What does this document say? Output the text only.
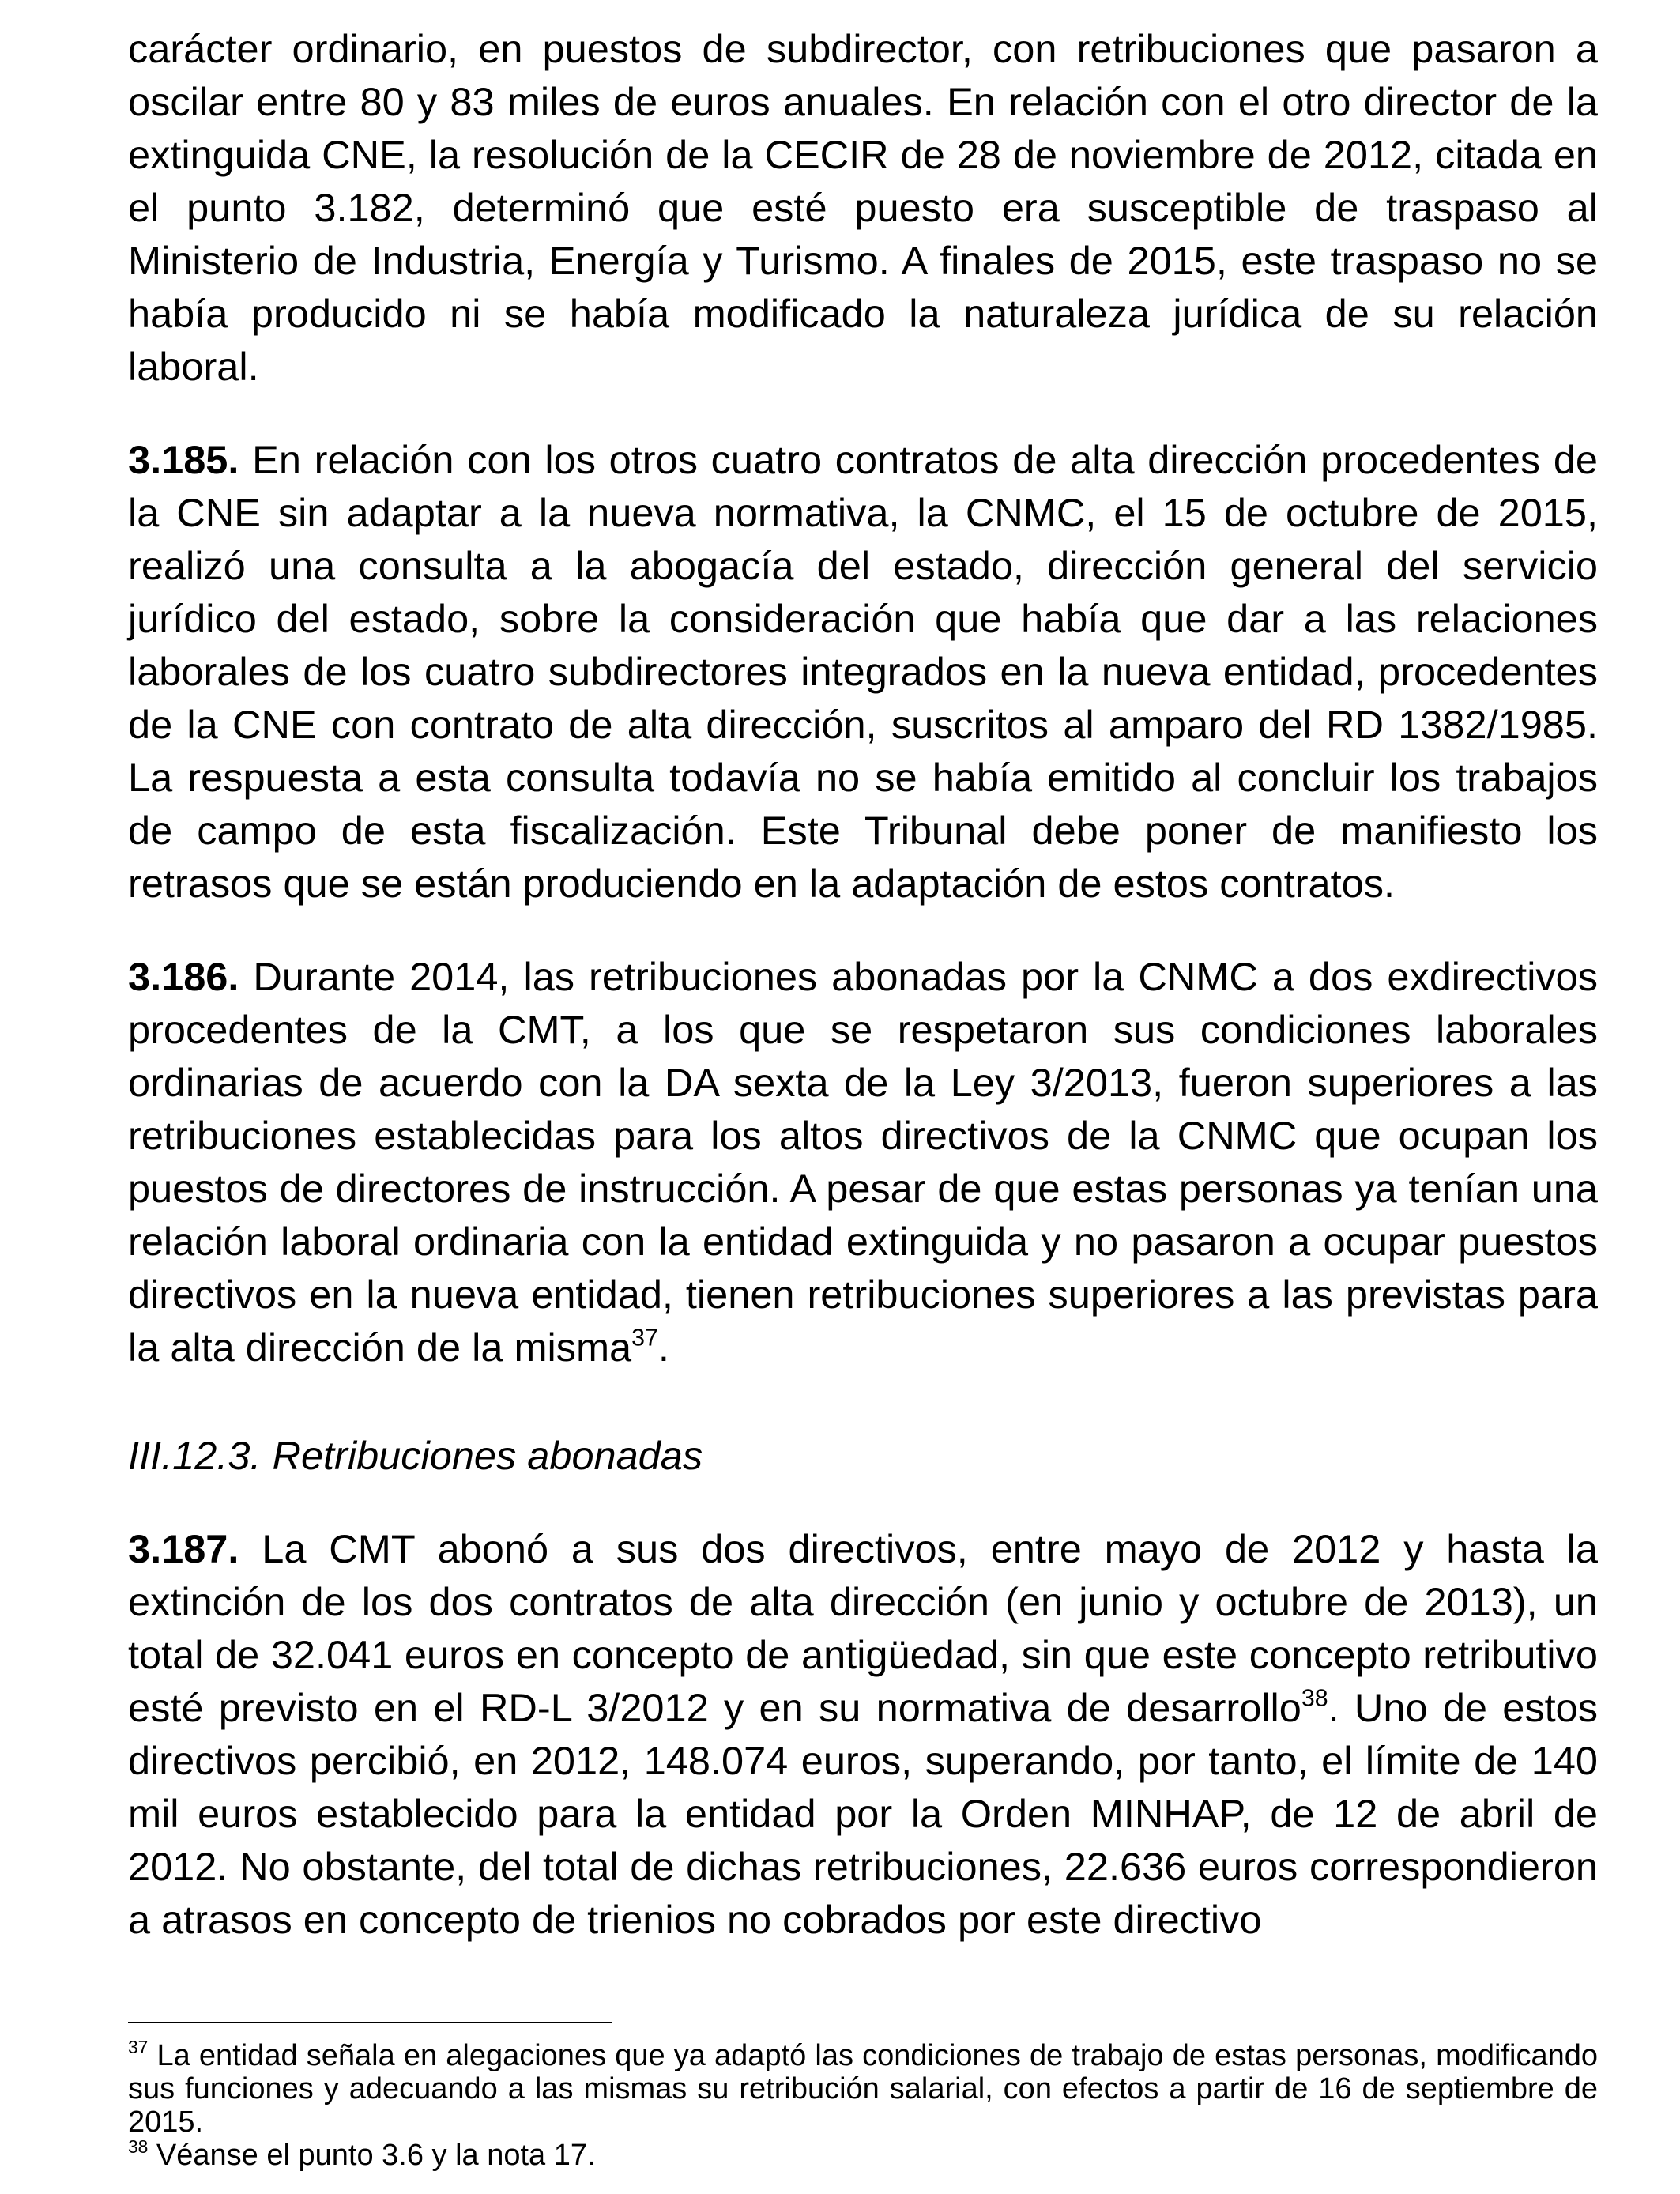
carácter ordinario, en puestos de subdirector, con retribuciones que pasaron a oscilar entre 80 y 83 miles de euros anuales. En relación con el otro director de la extinguida CNE, la resolución de la CECIR de 28 de noviembre de 2012, citada en el punto 3.182, determinó que esté puesto era susceptible de traspaso al Ministerio de Industria, Energía y Turismo. A finales de 2015, este traspaso no se había producido ni se había modificado la naturaleza jurídica de su relación laboral.

3.185. En relación con los otros cuatro contratos de alta dirección procedentes de la CNE sin adaptar a la nueva normativa, la CNMC, el 15 de octubre de 2015, realizó una consulta a la abogacía del estado, dirección general del servicio jurídico del estado, sobre la consideración que había que dar a las relaciones laborales de los cuatro subdirectores integrados en la nueva entidad, procedentes de la CNE con contrato de alta dirección, suscritos al amparo del RD 1382/1985. La respuesta a esta consulta todavía no se había emitido al concluir los trabajos de campo de esta fiscalización. Este Tribunal debe poner de manifiesto los retrasos que se están produciendo en la adaptación de estos contratos.

3.186. Durante 2014, las retribuciones abonadas por la CNMC a dos exdirectivos procedentes de la CMT, a los que se respetaron sus condiciones laborales ordinarias de acuerdo con la DA sexta de la Ley 3/2013, fueron superiores a las retribuciones establecidas para los altos directivos de la CNMC que ocupan los puestos de directores de instrucción. A pesar de que estas personas ya tenían una relación laboral ordinaria con la entidad extinguida y no pasaron a ocupar puestos directivos en la nueva entidad, tienen retribuciones superiores a las previstas para la alta dirección de la misma$^{37}$.

III.12.3. Retribuciones abonadas

3.187. La CMT abonó a sus dos directivos, entre mayo de 2012 y hasta la extinción de los dos contratos de alta dirección (en junio y octubre de 2013), un total de 32.041 euros en concepto de antigüedad, sin que este concepto retributivo esté previsto en el RD-L 3/2012 y en su normativa de desarrollo$^{38}$. Uno de estos directivos percibió, en 2012, 148.074 euros, superando, por tanto, el límite de 140 mil euros establecido para la entidad por la Orden MINHAP, de 12 de abril de 2012. No obstante, del total de dichas retribuciones, 22.636 euros correspondieron a atrasos en concepto de trienios no cobrados por este directivo

$^{37}$ La entidad señala en alegaciones que ya adaptó las condiciones de trabajo de estas personas, modificando sus funciones y adecuando a las mismas su retribución salarial, con efectos a partir de 16 de septiembre de 2015.

$^{38}$ Véanse el punto 3.6 y la nota 17.
